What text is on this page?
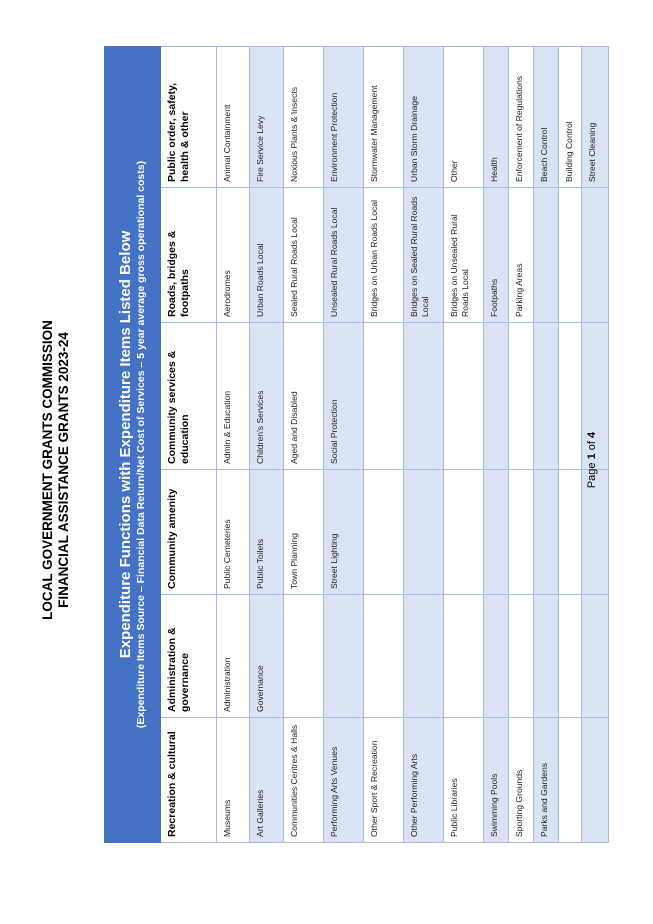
LOCAL GOVERNMENT GRANTS COMMISSION FINANCIAL ASSISTANCE GRANTS 2023-24	Expenditure Functions with Expenditure Items Listed Below (Expenditure Items Source – Financial Data Return/Net Cost of Services – 5 year average gross operational costs)					

Recreation & cultural	Administration & governance	Community amenity	Community services & education	Roads, bridges & footpaths	Public order, safety, health & other
Museums	Administration	Public Cemeteries	Admin & Education	Aerodromes	Animal Containment
Art Galleries	Governance	Public Toilets	Children’s Services	Urban Roads Local	Fire Service Levy
Communities Centres & Halls		Town Planning	Aged and Disabled	Sealed Rural Roads Local	Noxious Plants & Insects
Performing Arts Venues		Street Lighting	Social Protection	Unsealed Rural Roads Local	Environment Protection
Other Sport & Recreation				Bridges on Urban Roads Local	Stormwater Management
Other Performing Arts				Bridges on Sealed Rural Roads Local	Urban Storm Drainage
Public Libraries				Bridges on Unsealed Rural Roads Local	Other
Swimming Pools				Footpaths	Health
Sporting Grounds				Parking Areas	Enforcement of Regulations
Parks and Gardens					Beach Control
					Building Control
					Street Cleaning
Page 1 of 4
